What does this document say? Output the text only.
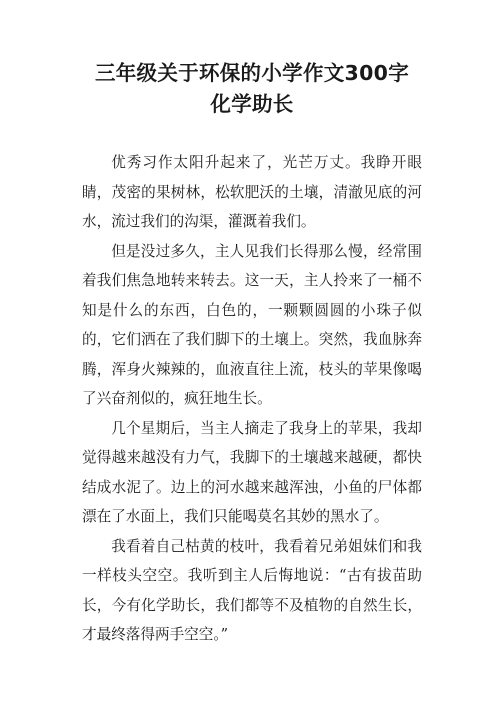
三年级关于环保的小学作文300字 化学助长

优秀习作太阳升起来了，光芒万丈。我睁开眼睛，茂密的果树林，松软肥沃的土壤，清澈见底的河水，流过我们的沟渠，灌溉着我们。

但是没过多久，主人见我们长得那么慢，经常围着我们焦急地转来转去。这一天，主人拎来了一桶不知是什么的东西，白色的，一颗颗圆圆的小珠子似的，它们洒在了我们脚下的土壤上。突然，我血脉奔腾，浑身火辣辣的，血液直往上流，枝头的苹果像喝了兴奋剂似的，疯狂地生长。

几个星期后，当主人摘走了我身上的苹果，我却觉得越来越没有力气，我脚下的土壤越来越硬，都快结成水泥了。边上的河水越来越浑浊，小鱼的尸体都漂在了水面上，我们只能喝莫名其妙的黑水了。

我看着自己枯黄的枝叶，我看着兄弟姐妹们和我一样枝头空空。我听到主人后悔地说：“古有拔苗助长，今有化学助长，我们都等不及植物的自然生长，才最终落得两手空空。”
